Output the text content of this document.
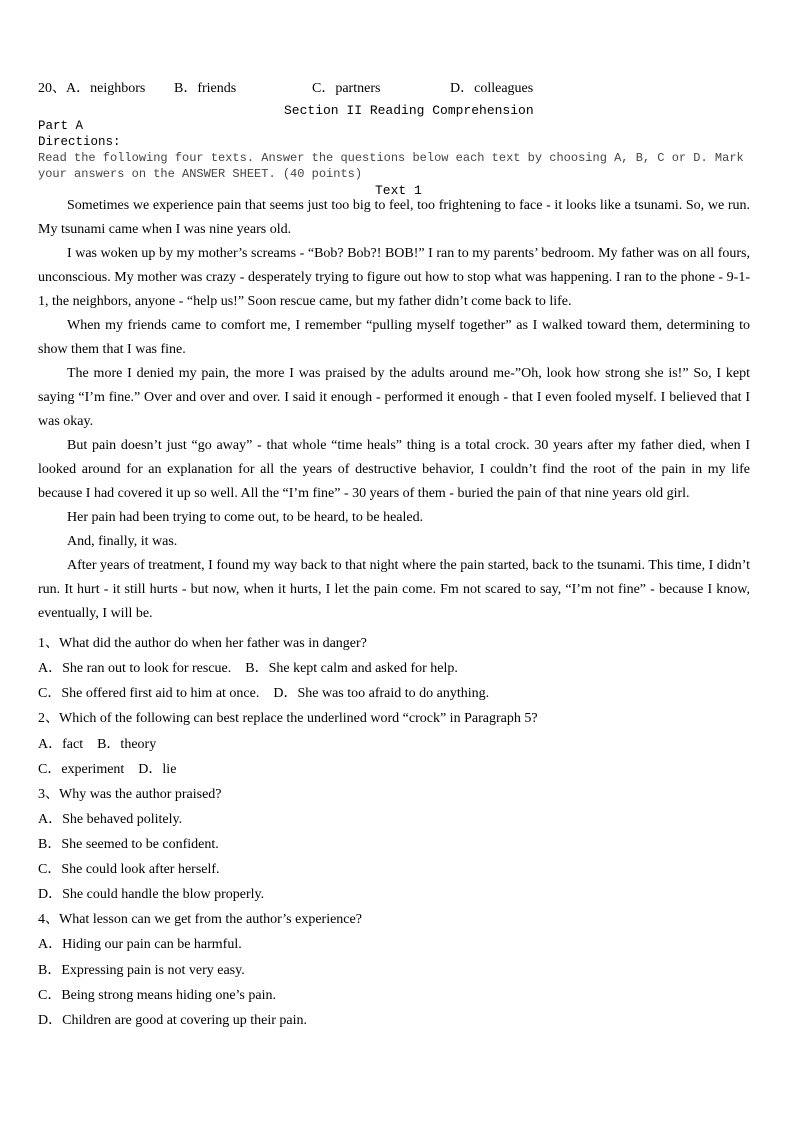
20、A．neighbors B．friends	C．partners	D．colleagues
Section II Reading Comprehension
Part A
Directions:
Read the following four texts. Answer the questions below each text by choosing A, B, C or D. Mark
your answers on the ANSWER SHEET. (40 points)
Text 1
Sometimes we experience pain that seems just too big to feel, too frightening to face - it looks like a tsunami. So, we run. My tsunami came when I was nine years old.
I was woken up by my mother’s screams - “Bob? Bob?! BOB!” I ran to my parents’ bedroom. My father was on all fours, unconscious. My mother was crazy - desperately trying to figure out how to stop what was happening. I ran to the phone - 9-1-1, the neighbors, anyone - “help us!” Soon rescue came, but my father didn’t come back to life.
When my friends came to comfort me, I remember “pulling myself together” as I walked toward them, determining to show them that I was fine.
The more I denied my pain, the more I was praised by the adults around me-”Oh, look how strong she is!” So, I kept saying “I’m fine.” Over and over and over. I said it enough - performed it enough - that I even fooled myself. I believed that I was okay.
But pain doesn’t just “go away” - that whole “time heals” thing is a total crock. 30 years after my father died, when I looked around for an explanation for all the years of destructive behavior, I couldn’t find the root of the pain in my life because I had covered it up so well. All the “I’m fine” - 30 years of them - buried the pain of that nine years old girl.
Her pain had been trying to come out, to be heard, to be healed.
And, finally, it was.
After years of treatment, I found my way back to that night where the pain started, back to the tsunami. This time, I didn’t run. It hurt - it still hurts - but now, when it hurts, I let the pain come. Fm not scared to say, “I’m not fine” - because I know, eventually, I will be.
1、What did the author do when her father was in danger?
A．She ran out to look for rescue.    B．She kept calm and asked for help.
C．She offered first aid to him at once.    D．She was too afraid to do anything.
2、Which of the following can best replace the underlined word “crock” in Paragraph 5?
A．fact    B．theory
C．experiment    D．lie
3、Why was the author praised?
A．She behaved politely.
B．She seemed to be confident.
C．She could look after herself.
D．She could handle the blow properly.
4、What lesson can we get from the author’s experience?
A．Hiding our pain can be harmful.
B．Expressing pain is not very easy.
C．Being strong means hiding one’s pain.
D．Children are good at covering up their pain.
